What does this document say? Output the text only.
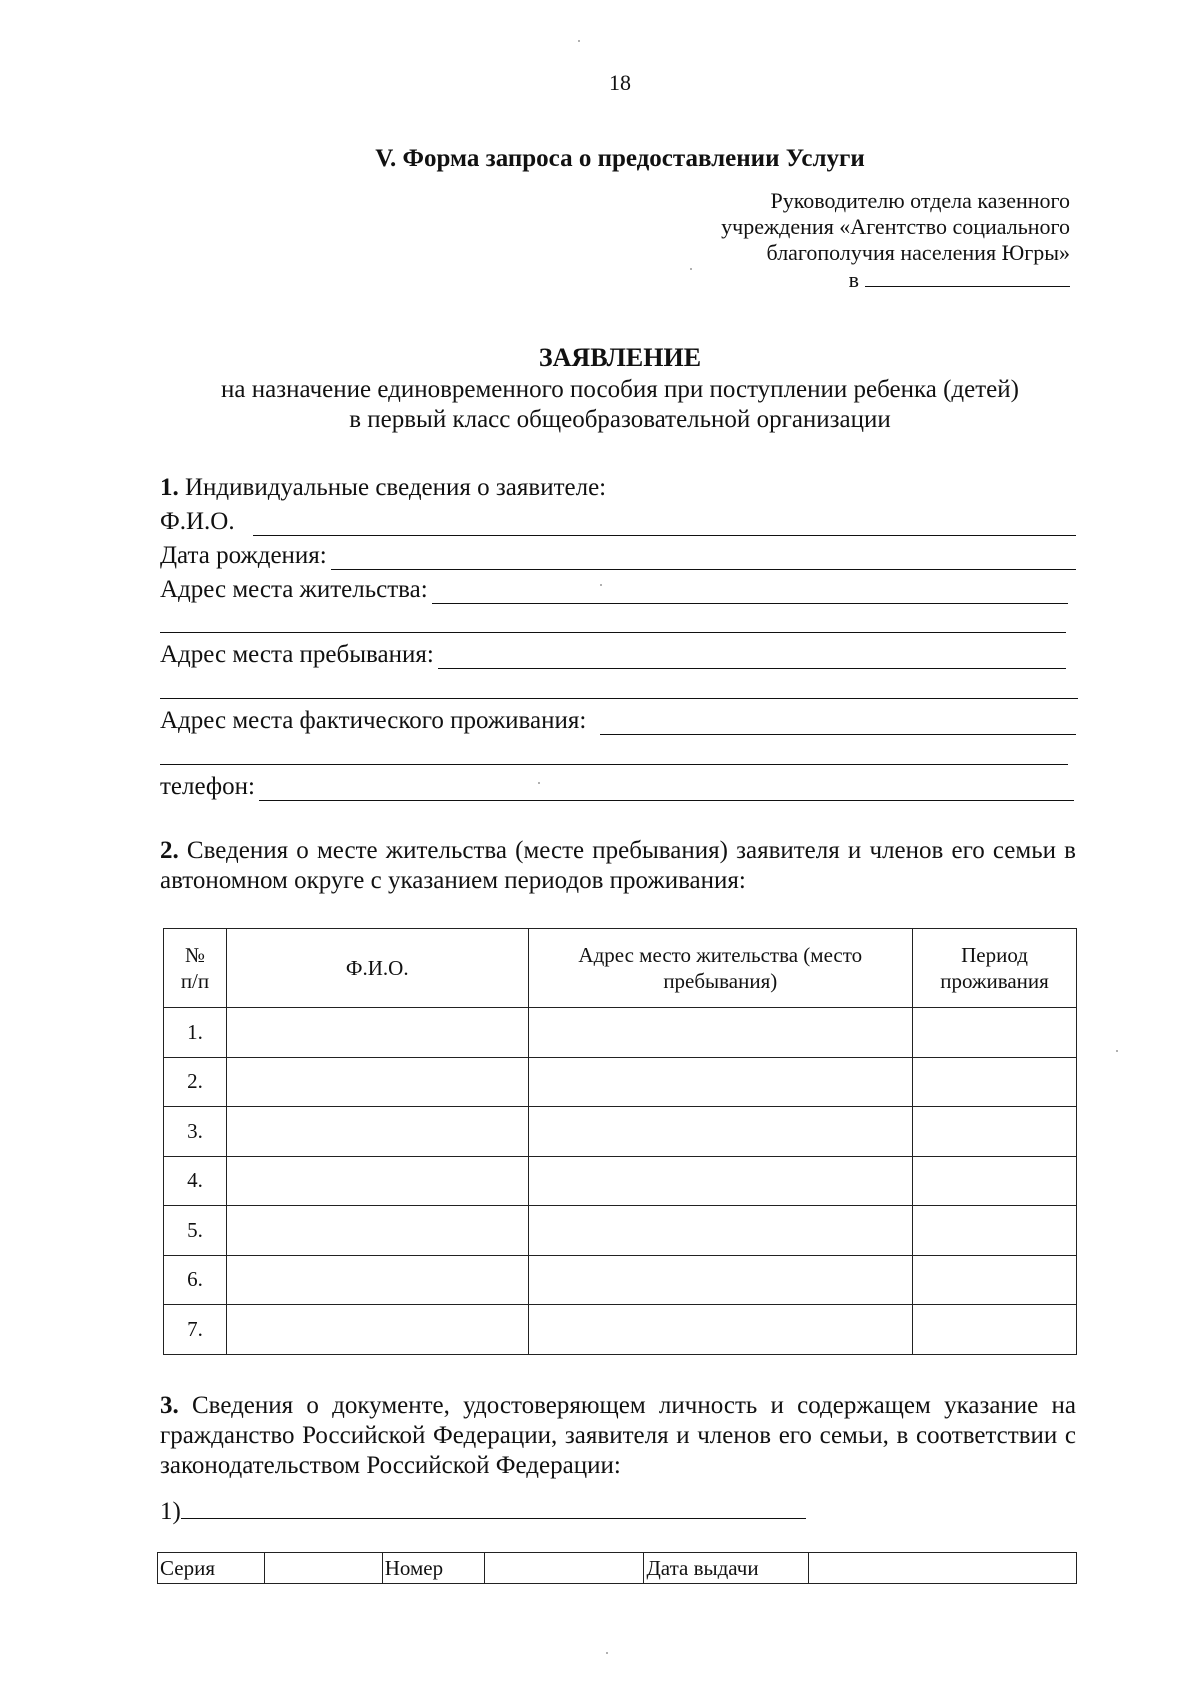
18
V. Форма запроса о предоставлении Услуги
Руководителю отдела казенного
учреждения «Агентство социального
благополучия населения Югры»
в
ЗАЯВЛЕНИЕ
на назначение единовременного пособия при поступлении ребенка (детей)
в первый класс общеобразовательной организации
1. Индивидуальные сведения о заявителе:
Ф.И.О.
Дата рождения:
Адрес места жительства:
Адрес места пребывания:
Адрес места фактического проживания:
телефон:
2. Сведения о месте жительства (месте пребывания) заявителя и членов его семьи в автономном округе с указанием периодов проживания:
№ п/п	Ф.И.О.	Адрес место жительства (место пребывания)	Период проживания
1.			
2.			
3.			
4.			
5.			
6.			
7.			
3. Сведения о документе, удостоверяющем личность и содержащем указание на гражданство Российской Федерации, заявителя и членов его семьи, в соответствии с законодательством Российской Федерации:
1)
Серия		Номер		Дата выдачи	
